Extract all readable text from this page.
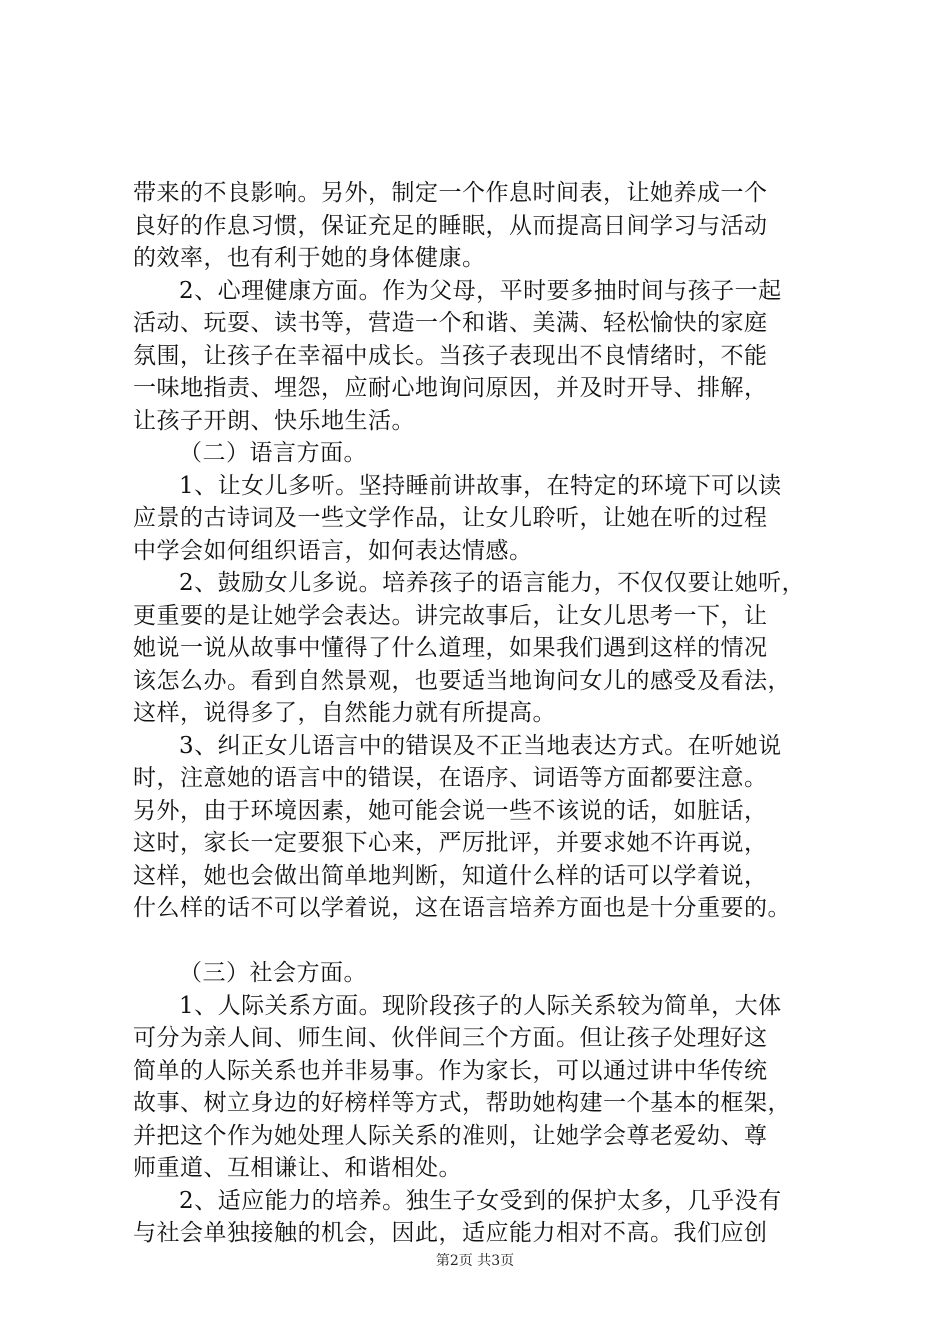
带来的不良影响。另外，制定一个作息时间表，让她养成一个
良好的作息习惯，保证充足的睡眠，从而提高日间学习与活动
的效率，也有利于她的身体健康。
2、心理健康方面。作为父母，平时要多抽时间与孩子一起
活动、玩耍、读书等，营造一个和谐、美满、轻松愉快的家庭
氛围，让孩子在幸福中成长。当孩子表现出不良情绪时，不能
一味地指责、埋怨，应耐心地询问原因，并及时开导、排解，
让孩子开朗、快乐地生活。
（二）语言方面。
1、让女儿多听。坚持睡前讲故事，在特定的环境下可以读
应景的古诗词及一些文学作品，让女儿聆听，让她在听的过程
中学会如何组织语言，如何表达情感。
2、鼓励女儿多说。培养孩子的语言能力，不仅仅要让她听，
更重要的是让她学会表达。讲完故事后，让女儿思考一下，让
她说一说从故事中懂得了什么道理，如果我们遇到这样的情况
该怎么办。看到自然景观，也要适当地询问女儿的感受及看法，
这样，说得多了，自然能力就有所提高。
3、纠正女儿语言中的错误及不正当地表达方式。在听她说
时，注意她的语言中的错误，在语序、词语等方面都要注意。
另外，由于环境因素，她可能会说一些不该说的话，如脏话，
这时，家长一定要狠下心来，严厉批评，并要求她不许再说，
这样，她也会做出简单地判断，知道什么样的话可以学着说，
什么样的话不可以学着说，这在语言培养方面也是十分重要的。
（三）社会方面。
1、人际关系方面。现阶段孩子的人际关系较为简单，大体
可分为亲人间、师生间、伙伴间三个方面。但让孩子处理好这
简单的人际关系也并非易事。作为家长，可以通过讲中华传统
故事、树立身边的好榜样等方式，帮助她构建一个基本的框架，
并把这个作为她处理人际关系的准则，让她学会尊老爱幼、尊
师重道、互相谦让、和谐相处。
2、适应能力的培养。独生子女受到的保护太多，几乎没有
与社会单独接触的机会，因此，适应能力相对不高。我们应创
第2页 共3页
